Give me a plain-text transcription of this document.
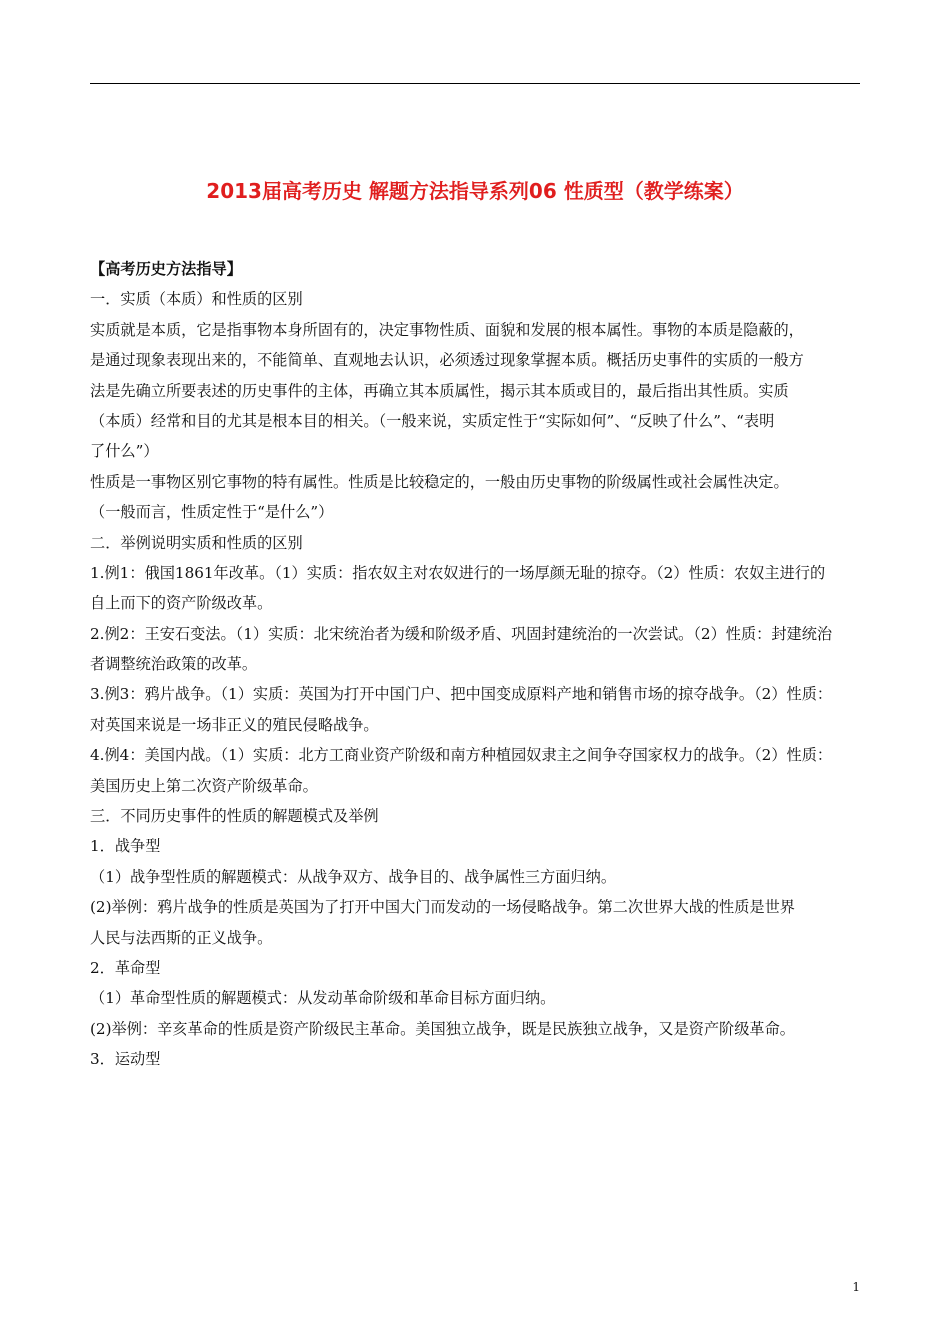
2013届高考历史 解题方法指导系列06 性质型（教学练案）
【高考历史方法指导】
一．实质（本质）和性质的区别
实质就是本质，它是指事物本身所固有的，决定事物性质、面貌和发展的根本属性。事物的本质是隐蔽的，
是通过现象表现出来的，不能简单、直观地去认识，必须透过现象掌握本质。概括历史事件的实质的一般方
法是先确立所要表述的历史事件的主体，再确立其本质属性，揭示其本质或目的，最后指出其性质。实质
（本质）经常和目的尤其是根本目的相关。（一般来说，实质定性于“实际如何”、“反映了什么”、“表明
了什么”）
性质是一事物区别它事物的特有属性。性质是比较稳定的，一般由历史事物的阶级属性或社会属性决定。
（一般而言，性质定性于“是什么”）
二．举例说明实质和性质的区别
1.例1：俄国1861年改革。（1）实质：指农奴主对农奴进行的一场厚颜无耻的掠夺。（2）性质：农奴主进行的
自上而下的资产阶级改革。
2.例2：王安石变法。（1）实质：北宋统治者为缓和阶级矛盾、巩固封建统治的一次尝试。（2）性质：封建统治
者调整统治政策的改革。
3.例3：鸦片战争。（1）实质：英国为打开中国门户、把中国变成原料产地和销售市场的掠夺战争。（2）性质：
对英国来说是一场非正义的殖民侵略战争。
4.例4：美国内战。（1）实质：北方工商业资产阶级和南方种植园奴隶主之间争夺国家权力的战争。（2）性质：
美国历史上第二次资产阶级革命。
三．不同历史事件的性质的解题模式及举例
1．战争型
（1）战争型性质的解题模式：从战争双方、战争目的、战争属性三方面归纳。
(2)举例：鸦片战争的性质是英国为了打开中国大门而发动的一场侵略战争。第二次世界大战的性质是世界
人民与法西斯的正义战争。
2．革命型
（1）革命型性质的解题模式：从发动革命阶级和革命目标方面归纳。
(2)举例：辛亥革命的性质是资产阶级民主革命。美国独立战争，既是民族独立战争，又是资产阶级革命。
3．运动型
1
